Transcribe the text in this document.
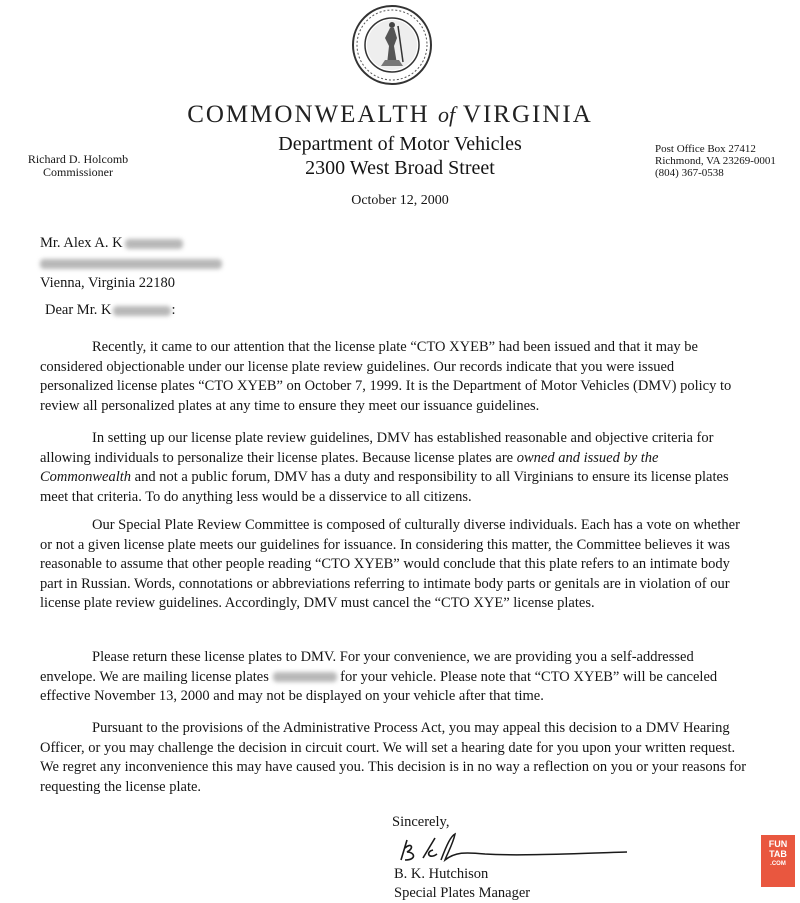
COMMONWEALTH of VIRGINIA
Department of Motor Vehicles
2300 West Broad Street
Richard D. Holcomb
Commissioner
Post Office Box 27412
Richmond, VA 23269-0001
(804) 367-0538
October 12, 2000
Mr. Alex A. K
Vienna, Virginia 22180
Dear Mr. K	:

Recently, it came to our attention that the license plate “CTO XYEB” had been issued and that it may be considered objectionable under our license plate review guidelines. Our records indicate that you were issued personalized license plates “CTO XYEB” on October 7, 1999. It is the Department of Motor Vehicles (DMV) policy to review all personalized plates at any time to ensure they meet our issuance guidelines.

In setting up our license plate review guidelines, DMV has established reasonable and objective criteria for allowing individuals to personalize their license plates. Because license plates are owned and issued by the Commonwealth and not a public forum, DMV has a duty and responsibility to all Virginians to ensure its license plates meet that criteria. To do anything less would be a disservice to all citizens.

Our Special Plate Review Committee is composed of culturally diverse individuals. Each has a vote on whether or not a given license plate meets our guidelines for issuance. In considering this matter, the Committee believes it was reasonable to assume that other people reading “CTO XYEB” would conclude that this plate refers to an intimate body part in Russian. Words, connotations or abbreviations referring to intimate body parts or genitals are in violation of our license plate review guidelines. Accordingly, DMV must cancel the “CTO XYE” license plates.

Please return these license plates to DMV. For your convenience, we are providing you a self-addressed envelope. We are mailing license plates	for your vehicle. Please note that “CTO XYEB” will be canceled effective November 13, 2000 and may not be displayed on your vehicle after that time.

Pursuant to the provisions of the Administrative Process Act, you may appeal this decision to a DMV Hearing Officer, or you may challenge the decision in circuit court. We will set a hearing date for you upon your written request. We regret any inconvenience this may have caused you. This decision is in no way a reflection on you or your reasons for requesting the license plate.

Sincerely,
B. K. Hutchison
Special Plates Manager
FUN
TAB
.COM
